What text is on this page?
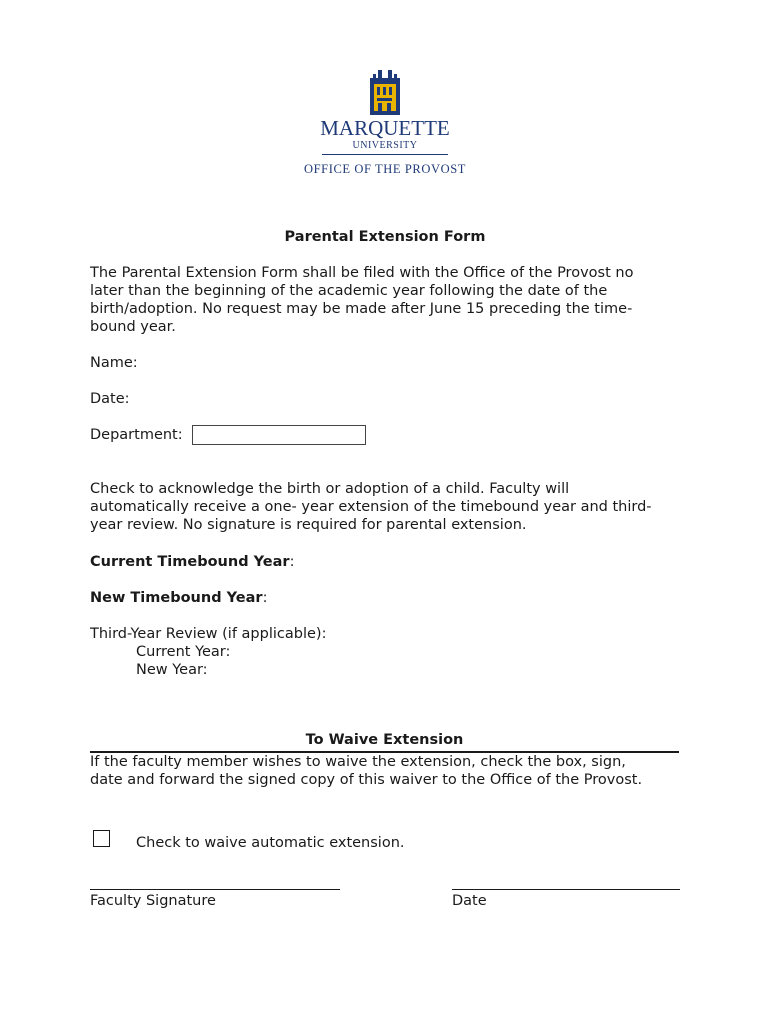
MARQUETTE
UNIVERSITY
OFFICE OF THE PROVOST

Parental Extension Form

The Parental Extension Form shall be filed with the Office of the Provost no

later than the beginning of the academic year following the date of the

birth/adoption. No request may be made after June 15 preceding the time-

bound year.

Name:

Date:

Department:

Check to acknowledge the birth or adoption of a child. Faculty will

automatically receive a one- year extension of the timebound year and third-

year review. No signature is required for parental extension.

Current Timebound Year:

New Timebound Year:

Third-Year Review (if applicable):

Current Year:

New Year:

To Waive Extension

If the faculty member wishes to waive the extension, check the box, sign,

date and forward the signed copy of this waiver to the Office of the Provost.

Check to waive automatic extension.

Faculty Signature	Date
